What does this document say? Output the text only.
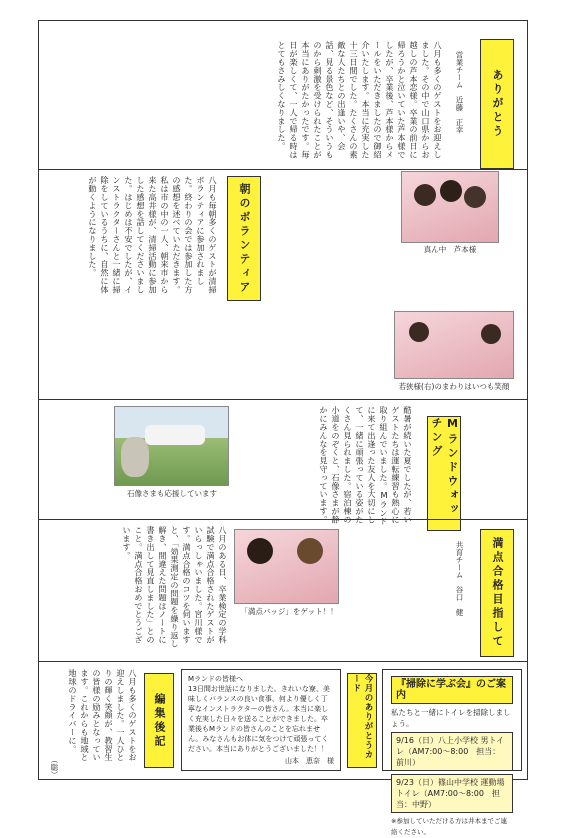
ありがとう
営業チーム　近藤　正幸
八月も多くのゲストをお迎えしました。その中で山口県からお越しの芦本恋様。卒業の前日に帰ろうかと泣いていた芦本様でしたが、卒業後、芦本様からメールをいただきましたので御紹介いたします。本当に充実した十三日間でした。たくさんの素敵な人たちとの出逢いや、会話、見る景色など、そういうものから刺激を受けられたことが本当にありがたかったです。毎日が楽しくて、一人で帰る時はとてもさみしくなりました。
真ん中　芦本様
朝のボランティア
八月も毎朝多くのゲストが清掃ボランティアに参加されました。終わりの会では参加した方の感想を述べていただきます。私は市の中の一人、朝来市から来た高井様が、清掃活動に参加した感想を話してくださいました。はじめは不安でしたが、インストラクターさんと一緒に掃除をしているうちに、自然に体が動くようになりました。
若狭様(右)のまわりはいつも笑顔
Mランドウォッチング
酷暑が続いた夏でしたが、若いゲストたちは運転練習も熱心に取り組んでいました。Mランドに来て出逢った友人を大切にして、一緒に頑張っている姿がたくさん見られました。宿泊棟の小道をのぞくと、石像さまが静かにみんなを見守っています。
石像さまも応援しています
満点合格目指して
共育チーム　谷口　健
八月のある日、卒業検定の学科試験で満点合格されたゲストがいらっしゃいました。宮川様です。満点合格のコツを伺いますと、「効果測定の問題を繰り返し解き、間違えた問題はノートに書き出して見直しました」とのこと。満点合格おめでとうございます。
「満点バッジ」をゲット！！
編集後記
八月も多くのゲストをお迎えしました。一人ひとりの輝く笑顔が、教習生の皆様の励みとなっています。これからも地域と地球のドライバーに。
（聡）
Mランドの皆様へ
13日間お世話になりました。きれいな寮、美味しくバランスの良い食事、何より優しく丁寧なインストラクターの皆さん。本当に楽しく充実した日々を送ることができました。卒業後もMランドの皆さんのことを忘れません。みなさんもお体に気をつけて頑張ってください。本当にありがとうございました！！
山本　恵奈　様
今月のありがとうカード	『掃除に学ぶ会』のご案内
私たちと一緒にトイレを掃除しましょう。
9/16（日）八上小学校 男トイレ（AM7:00〜8:00　担当：前川）
9/23（日）篠山中学校 運動場トイレ（AM7:00〜8:00　担当：中野）
※参加していただける方は井本までご連絡ください。
